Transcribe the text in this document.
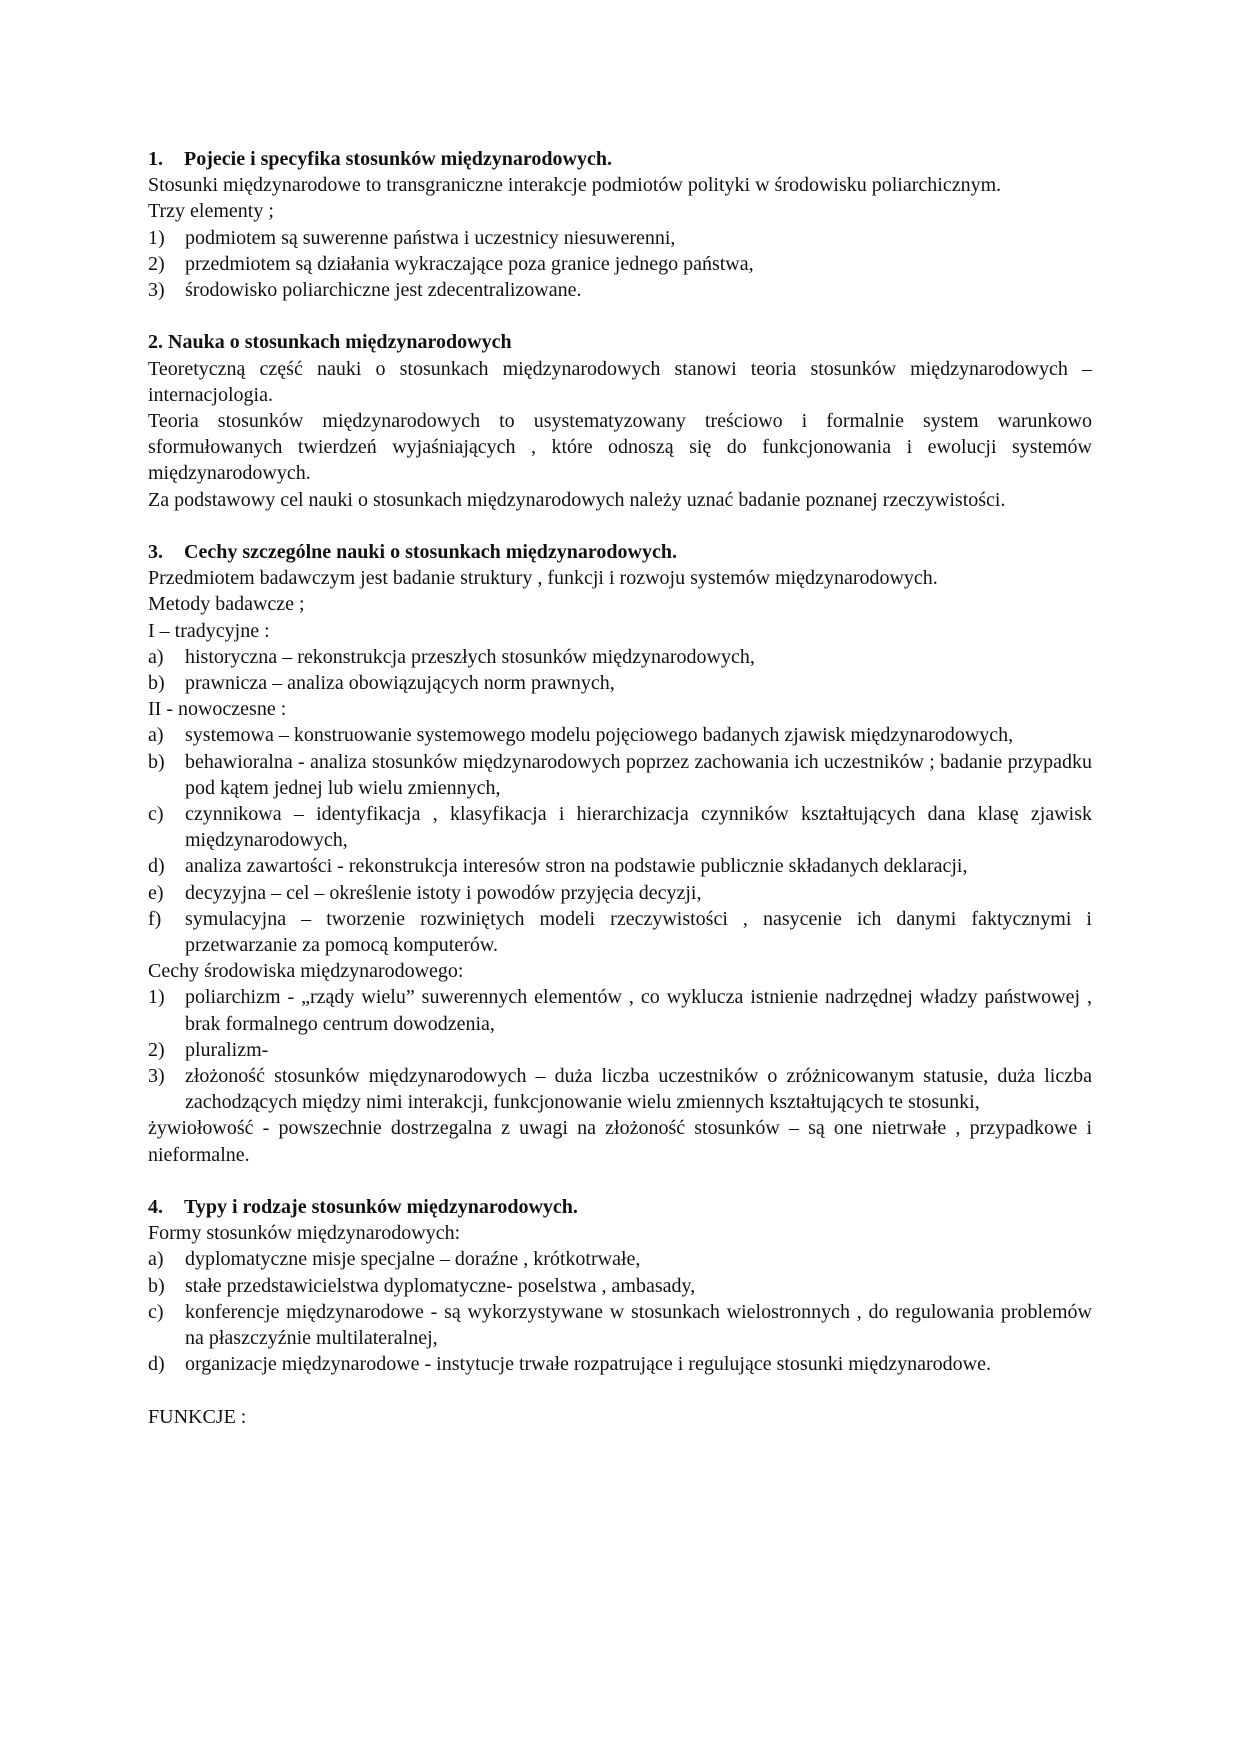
1. Pojecie i specyfika stosunków międzynarodowych.
Stosunki międzynarodowe to transgraniczne interakcje podmiotów polityki w środowisku poliarchicznym.
Trzy elementy ;
1)	podmiotem są suwerenne państwa i uczestnicy niesuwerenni,
2)	przedmiotem są działania wykraczające poza granice jednego państwa,
3)	środowisko poliarchiczne jest zdecentralizowane.
2. Nauka o stosunkach międzynarodowych
Teoretyczną część nauki o stosunkach międzynarodowych stanowi teoria stosunków międzynarodowych – internacjologia.
Teoria stosunków międzynarodowych to usystematyzowany treściowo i formalnie system warunkowo sformułowanych twierdzeń wyjaśniających , które odnoszą się do funkcjonowania i ewolucji systemów międzynarodowych.
Za podstawowy cel nauki o stosunkach międzynarodowych należy uznać badanie poznanej rzeczywistości.
3. Cechy szczególne nauki o stosunkach międzynarodowych.
Przedmiotem badawczym jest badanie struktury , funkcji i rozwoju systemów międzynarodowych.
Metody badawcze ;
I – tradycyjne :
a)	historyczna – rekonstrukcja przeszłych stosunków międzynarodowych,
b)	prawnicza – analiza obowiązujących norm prawnych,
II - nowoczesne :
a)	systemowa – konstruowanie systemowego modelu pojęciowego badanych zjawisk międzynarodowych,
b)	behawioralna - analiza stosunków międzynarodowych poprzez zachowania ich uczestników ; badanie przypadku pod kątem jednej lub wielu zmiennych,
c)	czynnikowa – identyfikacja , klasyfikacja i hierarchizacja czynników kształtujących dana klasę zjawisk międzynarodowych,
d)	analiza zawartości - rekonstrukcja interesów stron na podstawie publicznie składanych deklaracji,
e)	decyzyjna – cel – określenie istoty i powodów przyjęcia decyzji,
f)	symulacyjna – tworzenie rozwiniętych modeli rzeczywistości , nasycenie ich danymi faktycznymi i przetwarzanie za pomocą komputerów.
Cechy środowiska międzynarodowego:
1)	poliarchizm - „rządy wielu” suwerennych elementów , co wyklucza istnienie nadrzędnej władzy państwowej , brak formalnego centrum dowodzenia,
2)	pluralizm-
3)	złożoność stosunków międzynarodowych – duża liczba uczestników o zróżnicowanym statusie, duża liczba zachodzących między nimi interakcji, funkcjonowanie wielu zmiennych kształtujących te stosunki,
żywiołowość - powszechnie dostrzegalna z uwagi na złożoność stosunków – są one nietrwałe , przypadkowe i nieformalne.
4. Typy i rodzaje stosunków międzynarodowych.
Formy stosunków międzynarodowych:
a)	dyplomatyczne misje specjalne – doraźne , krótkotrwałe,
b)	stałe przedstawicielstwa dyplomatyczne- poselstwa , ambasady,
c)	konferencje międzynarodowe - są wykorzystywane w stosunkach wielostronnych , do regulowania problemów na płaszczyźnie multilateralnej,
d)	organizacje międzynarodowe - instytucje trwałe rozpatrujące i regulujące stosunki międzynarodowe.
FUNKCJE :
